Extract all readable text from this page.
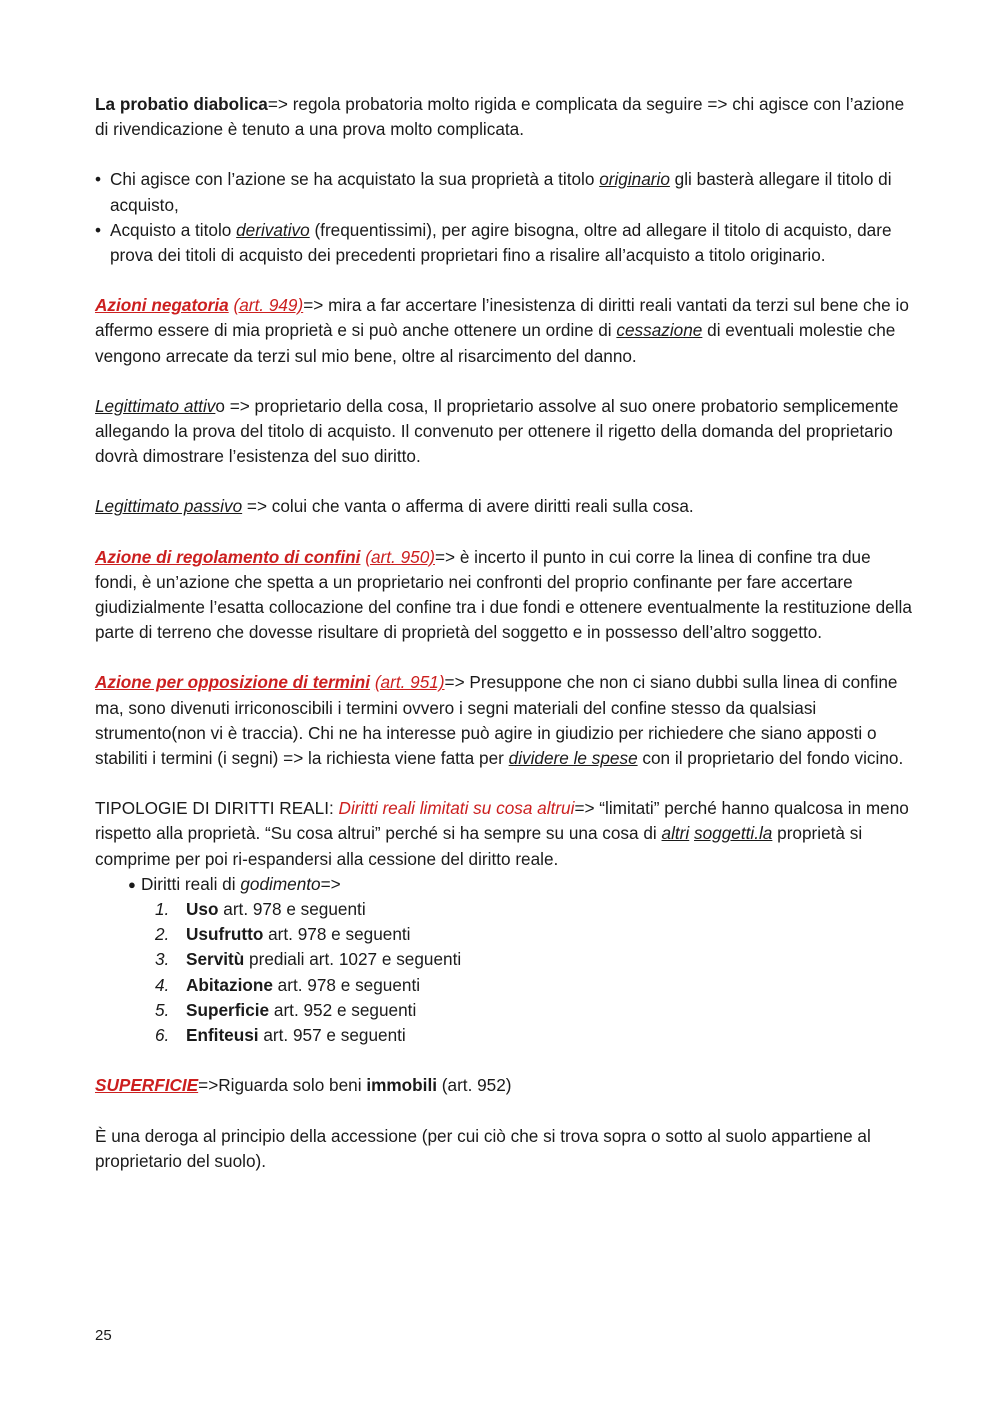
La probatio diabolica=> regola probatoria molto rigida e complicata da seguire => chi agisce con l’azione di rivendicazione è tenuto a una prova molto complicata.

• Chi agisce con l’azione se ha acquistato la sua proprietà a titolo originario gli basterà allegare il titolo di acquisto,
• Acquisto a titolo derivativo (frequentissimi), per agire bisogna, oltre ad allegare il titolo di acquisto, dare prova dei titoli di acquisto dei precedenti proprietari fino a risalire all’acquisto a titolo originario.

Azioni negatoria (art. 949)=> mira a far accertare l’inesistenza di diritti reali vantati da terzi sul bene che io affermo essere di mia proprietà e si può anche ottenere un ordine di cessazione di eventuali molestie che vengono arrecate da terzi sul mio bene, oltre al risarcimento del danno.

Legittimato attivo => proprietario della cosa, Il proprietario assolve al suo onere probatorio semplicemente allegando la prova del titolo di acquisto. Il convenuto per ottenere il rigetto della domanda del proprietario dovrà dimostrare l’esistenza del suo diritto.

Legittimato passivo => colui che vanta o afferma di avere diritti reali sulla cosa.

Azione di regolamento di confini (art. 950)=> è incerto il punto in cui corre la linea di confine tra due fondi, è un’azione che spetta a un proprietario nei confronti del proprio confinante per fare accertare giudizialmente l’esatta collocazione del confine tra i due fondi e ottenere eventualmente la restituzione della parte di terreno che dovesse risultare di proprietà del soggetto e in possesso dell’altro soggetto.

Azione per opposizione di termini (art. 951)=> Presuppone che non ci siano dubbi sulla linea di confine ma, sono divenuti irriconoscibili i termini ovvero i segni materiali del confine stesso da qualsiasi strumento(non vi è traccia). Chi ne ha interesse può agire in giudizio per richiedere che siano apposti o stabiliti i termini (i segni) => la richiesta viene fatta per dividere le spese con il proprietario del fondo vicino.

TIPOLOGIE DI DIRITTI REALI: Diritti reali limitati su cosa altrui=> “limitati” perché hanno qualcosa in meno rispetto alla proprietà. “Su cosa altrui” perché si ha sempre su una cosa di altri soggetti.la proprietà si comprime per poi ri-espandersi alla cessione del diritto reale.

● Diritti reali di godimento=>
1. Uso art. 978 e seguenti
2. Usufrutto art. 978 e seguenti
3. Servitù prediali art. 1027 e seguenti
4. Abitazione art. 978 e seguenti
5. Superficie art. 952 e seguenti
6. Enfiteusi art. 957 e seguenti

SUPERFICIE=>Riguarda solo beni immobili (art. 952)

È una deroga al principio della accessione (per cui ciò che si trova sopra o sotto al suolo appartiene al proprietario del suolo).

25
